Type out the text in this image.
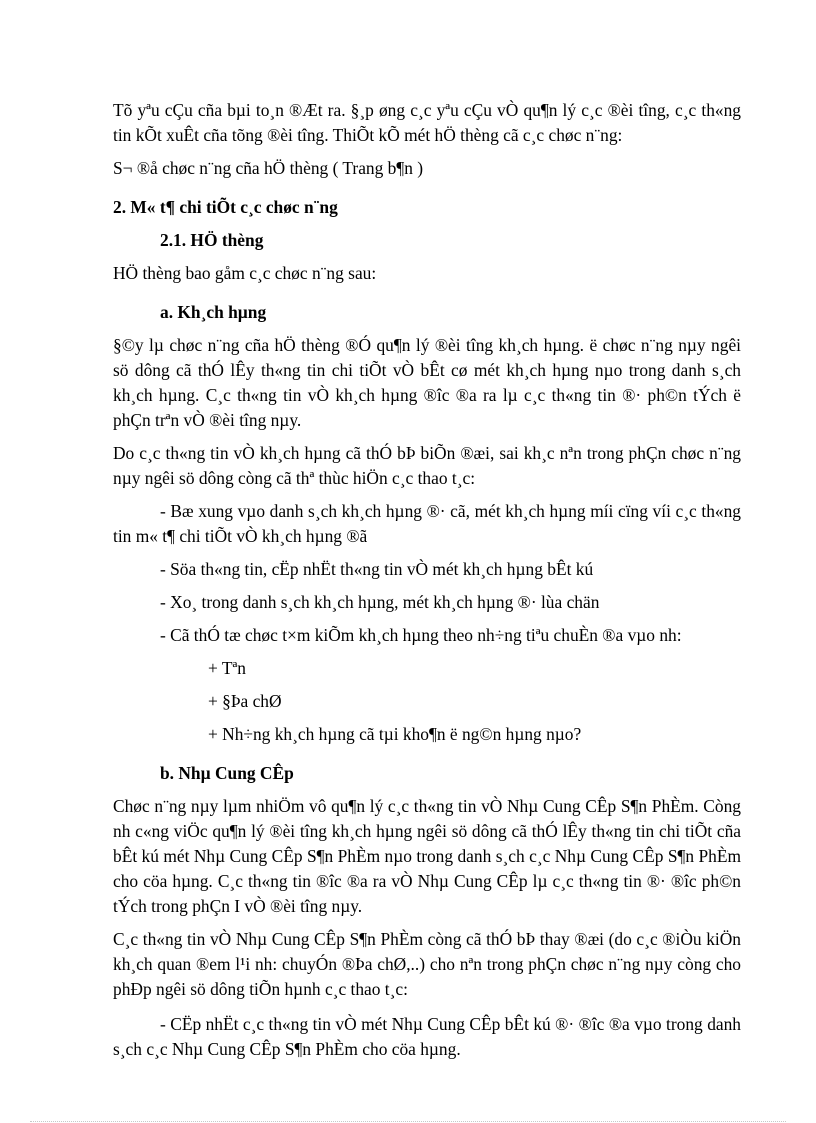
Tõ yªu cÇu cña bµi to¸n ®Æt ra. §¸p øng c¸c yªu cÇu vÒ qu¶n lý c¸c ®èi tîng, c¸c th«ng tin kÕt xuÊt cña tõng ®èi tîng. ThiÕt kÕ mét hÖ thèng cã c¸c chøc n¨ng:

S¬ ®å chøc n¨ng cña hÖ thèng ( Trang b¶n )

2. M« t¶ chi tiÕt c¸c chøc n¨ng

2.1. HÖ thèng

HÖ thèng bao gåm c¸c chøc n¨ng sau:

a. Kh¸ch hµng

§©y lµ chøc n¨ng cña hÖ thèng ®Ó qu¶n lý ®èi tîng kh¸ch hµng. ë chøc n¨ng nµy ngêi sö dông cã thÓ lÊy th«ng tin chi tiÕt vÒ bÊt cø mét kh¸ch hµng nµo trong danh s¸ch kh¸ch hµng. C¸c th«ng tin vÒ kh¸ch hµng ®îc ®a ra lµ c¸c th«ng tin ®· ph©n tÝch ë phÇn trªn vÒ ®èi tîng nµy.

Do c¸c th«ng tin vÒ kh¸ch hµng cã thÓ bÞ biÕn ®æi, sai kh¸c nªn trong phÇn chøc n¨ng nµy ngêi sö dông còng cã thª thùc hiÖn c¸c thao t¸c:

- Bæ xung vµo danh s¸ch kh¸ch hµng ®· cã, mét kh¸ch hµng míi cïng víi c¸c th«ng tin m« t¶ chi tiÕt vÒ kh¸ch hµng ®ã

- Söa th«ng tin, cËp nhËt th«ng tin vÒ mét kh¸ch hµng bÊt kú

- Xo¸ trong danh s¸ch kh¸ch hµng, mét kh¸ch hµng ®· lùa chän

- Cã thÓ tæ chøc t×m kiÕm kh¸ch hµng theo nh÷ng tiªu chuÈn ®a vµo nh:

+ Tªn

+ §Þa chØ

+ Nh÷ng kh¸ch hµng cã tµi kho¶n ë ng©n hµng nµo?

b. Nhµ Cung CÊp

Chøc n¨ng nµy lµm nhiÖm vô qu¶n lý c¸c th«ng tin vÒ Nhµ Cung CÊp S¶n PhÈm. Còng nh c«ng viÖc qu¶n lý ®èi tîng kh¸ch hµng ngêi sö dông cã thÓ lÊy th«ng tin chi tiÕt cña bÊt kú mét Nhµ Cung CÊp S¶n PhÈm nµo trong danh s¸ch c¸c Nhµ Cung CÊp S¶n PhÈm cho cöa hµng. C¸c th«ng tin ®îc ®a ra vÒ Nhµ Cung CÊp lµ c¸c th«ng tin ®· ®îc ph©n tÝch trong phÇn I vÒ ®èi tîng nµy.

C¸c th«ng tin vÒ Nhµ Cung CÊp S¶n PhÈm còng cã thÓ bÞ thay ®æi (do c¸c ®iÒu kiÖn kh¸ch quan ®em l¹i nh: chuyÓn ®Þa chØ,..) cho nªn trong phÇn chøc n¨ng nµy còng cho phÐp ngêi sö dông tiÕn hµnh c¸c thao t¸c:

- CËp nhËt c¸c th«ng tin vÒ mét Nhµ Cung CÊp bÊt kú ®· ®îc ®a vµo trong danh s¸ch c¸c Nhµ Cung CÊp S¶n PhÈm cho cöa hµng.
